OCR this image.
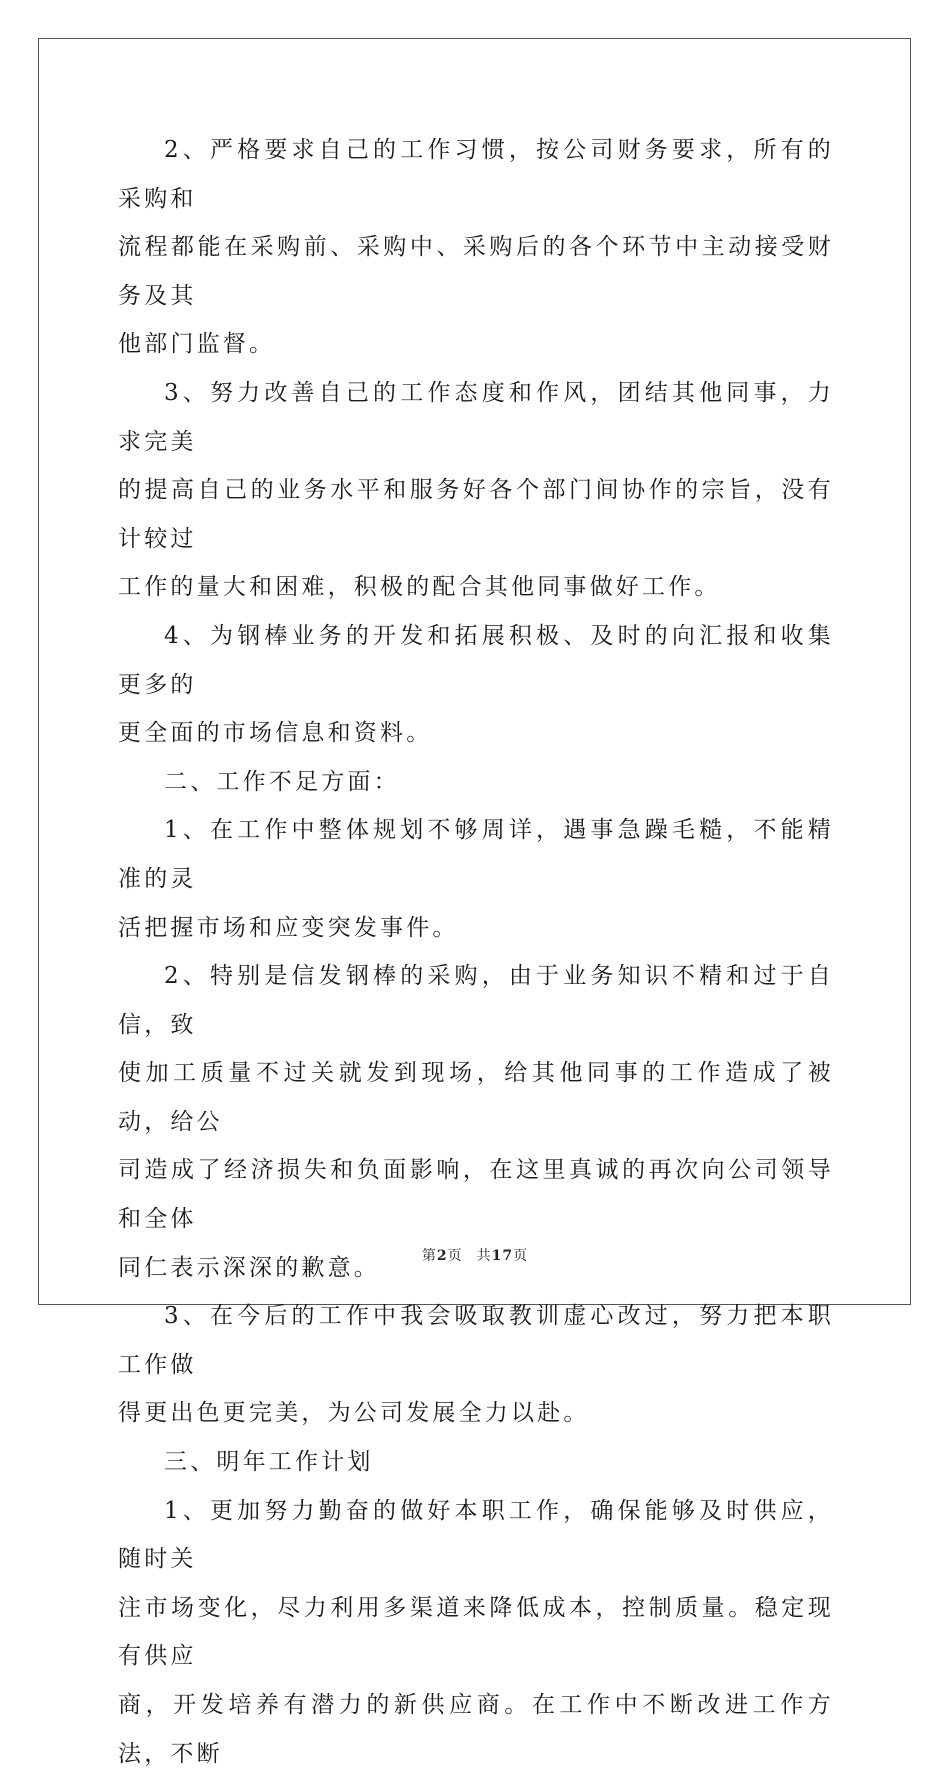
2、严格要求自己的工作习惯，按公司财务要求，所有的采购和
流程都能在采购前、采购中、采购后的各个环节中主动接受财务及其
他部门监督。
3、努力改善自己的工作态度和作风，团结其他同事，力求完美
的提高自己的业务水平和服务好各个部门间协作的宗旨，没有计较过
工作的量大和困难，积极的配合其他同事做好工作。
4、为钢棒业务的开发和拓展积极、及时的向汇报和收集更多的
更全面的市场信息和资料。
二、工作不足方面：
1、在工作中整体规划不够周详，遇事急躁毛糙，不能精准的灵
活把握市场和应变突发事件。
2、特别是信发钢棒的采购，由于业务知识不精和过于自信，致
使加工质量不过关就发到现场，给其他同事的工作造成了被动，给公
司造成了经济损失和负面影响，在这里真诚的再次向公司领导和全体
同仁表示深深的歉意。
3、在今后的工作中我会吸取教训虚心改过，努力把本职工作做
得更出色更完美，为公司发展全力以赴。
三、明年工作计划
1、更加努力勤奋的做好本职工作，确保能够及时供应，随时关
注市场变化，尽力利用多渠道来降低成本，控制质量。稳定现有供应
商，开发培养有潜力的新供应商。在工作中不断改进工作方法，不断
第2页 共17页
